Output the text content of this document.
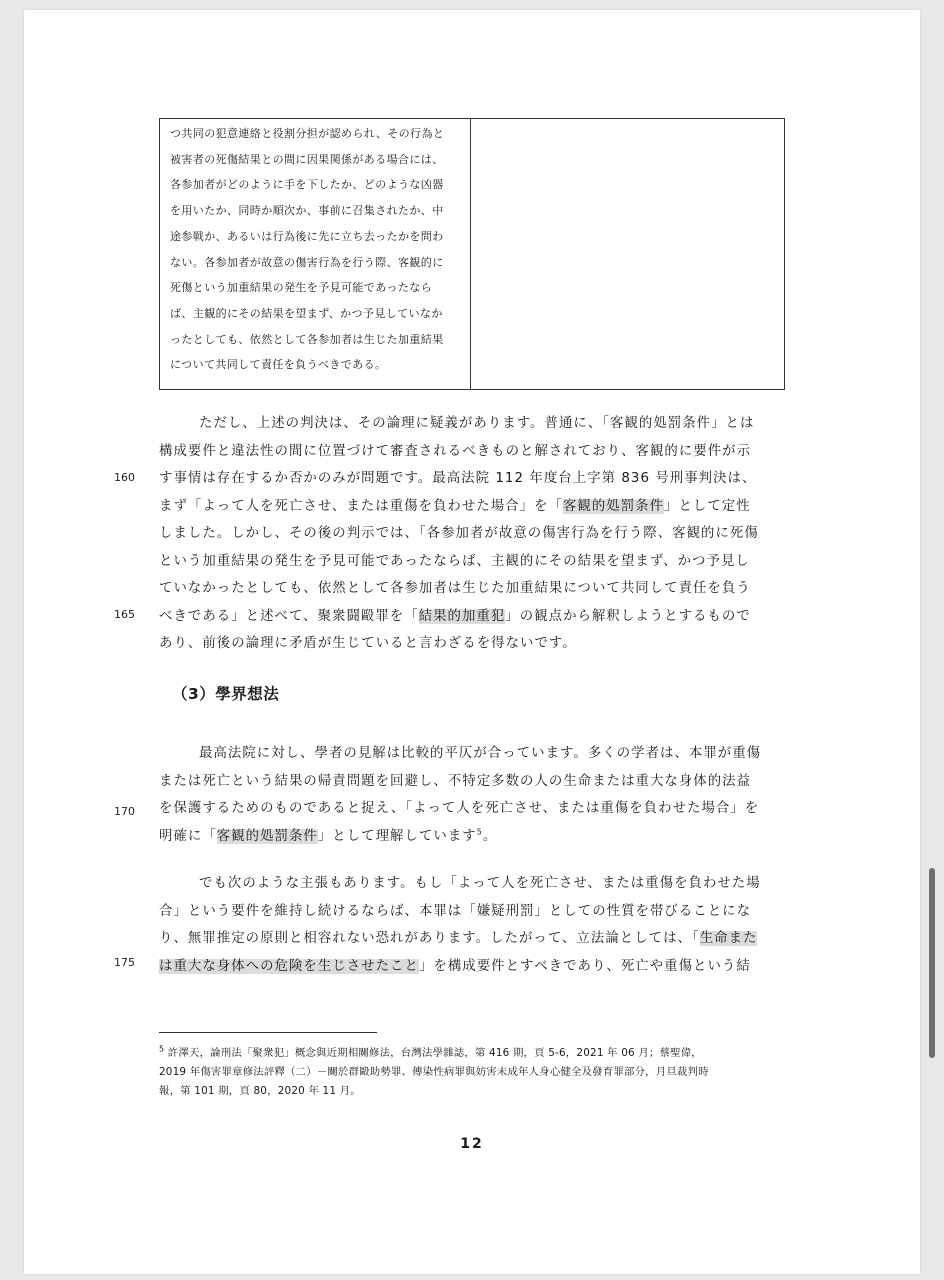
つ共同の犯意連絡と役割分担が認められ、その行為と
被害者の死傷結果との間に因果関係がある場合には、
各参加者がどのように手を下したか、どのような凶器
を用いたか、同時か順次か、事前に召集されたか、中
途参戦か、あるいは行為後に先に立ち去ったかを問わ
ない。各参加者が故意の傷害行為を行う際、客観的に
死傷という加重結果の発生を予見可能であったなら
ば、主観的にその結果を望まず、かつ予見していなか
ったとしても、依然として各参加者は生じた加重結果
について共同して責任を負うべきである。
ただし、上述の判決は、その論理に疑義があります。普通に、「客観的処罰条件」とは
構成要件と違法性の間に位置づけて審査されるべきものと解されており、客観的に要件が示
す事情は存在するか否かのみが問題です。最高法院 112 年度台上字第 836 号刑事判決は、
まず「よって人を死亡させ、または重傷を負わせた場合」を「客観的処罰条件」として定性
しました。しかし、その後の判示では、「各参加者が故意の傷害行為を行う際、客観的に死傷
という加重結果の発生を予見可能であったならば、主観的にその結果を望まず、かつ予見し
ていなかったとしても、依然として各参加者は生じた加重結果について共同して責任を負う
べきである」と述べて、聚衆闘毆罪を「結果的加重犯」の観点から解釈しようとするもので
あり、前後の論理に矛盾が生じていると言わざるを得ないです。
160
165
（3）學界想法
最高法院に対し、學者の見解は比較的平仄が合っています。多くの学者は、本罪が重傷
または死亡という結果の帰責問題を回避し、不特定多数の人の生命または重大な身体的法益
を保護するためのものであると捉え、「よって人を死亡させ、または重傷を負わせた場合」を
明確に「客観的処罰条件」として理解しています$^5$。
170
でも次のような主張もあります。もし「よって人を死亡させ、または重傷を負わせた場
合」という要件を維持し続けるならば、本罪は「嫌疑刑罰」としての性質を帯びることにな
り、無罪推定の原則と相容れない恐れがあります。したがって、立法論としては、「生命また
は重大な身体への危険を生じさせたこと」を構成要件とすべきであり、死亡や重傷という結
175
$^5$ 許澤天，論刑法「聚衆犯」概念與近期相關修法，台灣法學雜誌，第 416 期，頁 5-6，2021 年 06 月；蔡聖偉，
2019 年傷害罪章修法評釋（二）－關於群毆助勢罪、傳染性病罪與妨害未成年人身心健全及發育罪部分，月旦裁判時
報，第 101 期，頁 80，2020 年 11 月。
12
